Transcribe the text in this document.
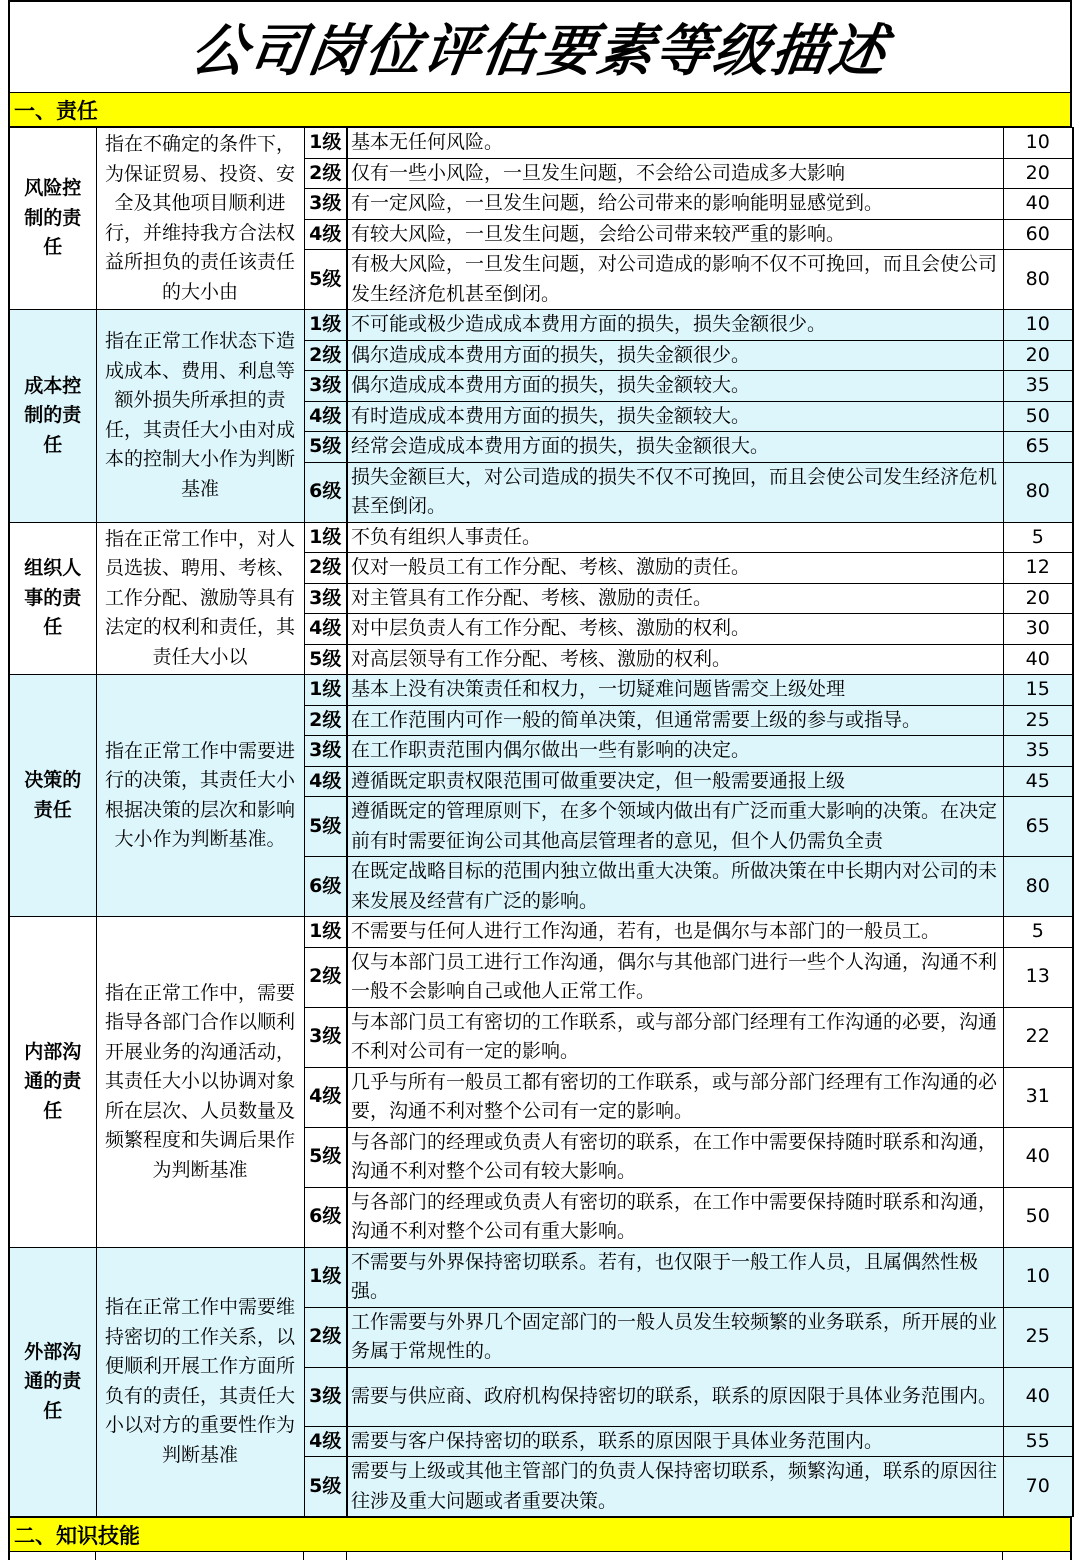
公司岗位评估要素等级描述
一、责任
风险控制的责任	指在不确定的条件下，为保证贸易、投资、安全及其他项目顺利进行，并维持我方合法权益所担负的责任该责任的大小由	1级	基本无任何风险。	10
		2级	仅有一些小风险，一旦发生问题，不会给公司造成多大影响	20
		3级	有一定风险，一旦发生问题，给公司带来的影响能明显感觉到。	40
		4级	有较大风险，一旦发生问题，会给公司带来较严重的影响。	60
		5级	有极大风险，一旦发生问题，对公司造成的影响不仅不可挽回，而且会使公司发生经济危机甚至倒闭。	80
成本控制的责任	指在正常工作状态下造成成本、费用、利息等额外损失所承担的责任，其责任大小由对成本的控制大小作为判断基准	1级	不可能或极少造成成本费用方面的损失，损失金额很少。	10
		2级	偶尔造成成本费用方面的损失，损失金额很少。	20
		3级	偶尔造成成本费用方面的损失，损失金额较大。	35
		4级	有时造成成本费用方面的损失，损失金额较大。	50
		5级	经常会造成成本费用方面的损失，损失金额很大。	65
		6级	损失金额巨大，对公司造成的损失不仅不可挽回，而且会使公司发生经济危机甚至倒闭。	80
组织人事的责任	指在正常工作中，对人员选拔、聘用、考核、工作分配、激励等具有法定的权利和责任，其责任大小以	1级	不负有组织人事责任。	5
		2级	仅对一般员工有工作分配、考核、激励的责任。	12
		3级	对主管具有工作分配、考核、激励的责任。	20
		4级	对中层负责人有工作分配、考核、激励的权利。	30
		5级	对高层领导有工作分配、考核、激励的权利。	40
决策的责任	指在正常工作中需要进行的决策，其责任大小根据决策的层次和影响大小作为判断基准。	1级	基本上没有决策责任和权力，一切疑难问题皆需交上级处理	15
		2级	在工作范围内可作一般的简单决策，但通常需要上级的参与或指导。	25
		3级	在工作职责范围内偶尔做出一些有影响的决定。	35
		4级	遵循既定职责权限范围可做重要决定，但一般需要通报上级	45
		5级	遵循既定的管理原则下，在多个领域内做出有广泛而重大影响的决策。在决定前有时需要征询公司其他高层管理者的意见，但个人仍需负全责	65
		6级	在既定战略目标的范围内独立做出重大决策。所做决策在中长期内对公司的未来发展及经营有广泛的影响。	80
内部沟通的责任	指在正常工作中，需要指导各部门合作以顺利开展业务的沟通活动，其责任大小以协调对象所在层次、人员数量及频繁程度和失调后果作为判断基准	1级	不需要与任何人进行工作沟通，若有，也是偶尔与本部门的一般员工。	5
		2级	仅与本部门员工进行工作沟通，偶尔与其他部门进行一些个人沟通，沟通不利一般不会影响自己或他人正常工作。	13
		3级	与本部门员工有密切的工作联系，或与部分部门经理有工作沟通的必要，沟通不利对公司有一定的影响。	22
		4级	几乎与所有一般员工都有密切的工作联系，或与部分部门经理有工作沟通的必要，沟通不利对整个公司有一定的影响。	31
		5级	与各部门的经理或负责人有密切的联系，在工作中需要保持随时联系和沟通，沟通不利对整个公司有较大影响。	40
		6级	与各部门的经理或负责人有密切的联系，在工作中需要保持随时联系和沟通，沟通不利对整个公司有重大影响。	50
外部沟通的责任	指在正常工作中需要维持密切的工作关系，以便顺利开展工作方面所负有的责任，其责任大小以对方的重要性作为判断基准	1级	不需要与外界保持密切联系。若有，也仅限于一般工作人员，且属偶然性极强。	10
		2级	工作需要与外界几个固定部门的一般人员发生较频繁的业务联系，所开展的业务属于常规性的。	25
		3级	需要与供应商、政府机构保持密切的联系，联系的原因限于具体业务范围内。	40
		4级	需要与客户保持密切的联系，联系的原因限于具体业务范围内。	55
		5级	需要与上级或其他主管部门的负责人保持密切联系，频繁沟通，联系的原因往往涉及重大问题或者重要决策。	70
二、知识技能
